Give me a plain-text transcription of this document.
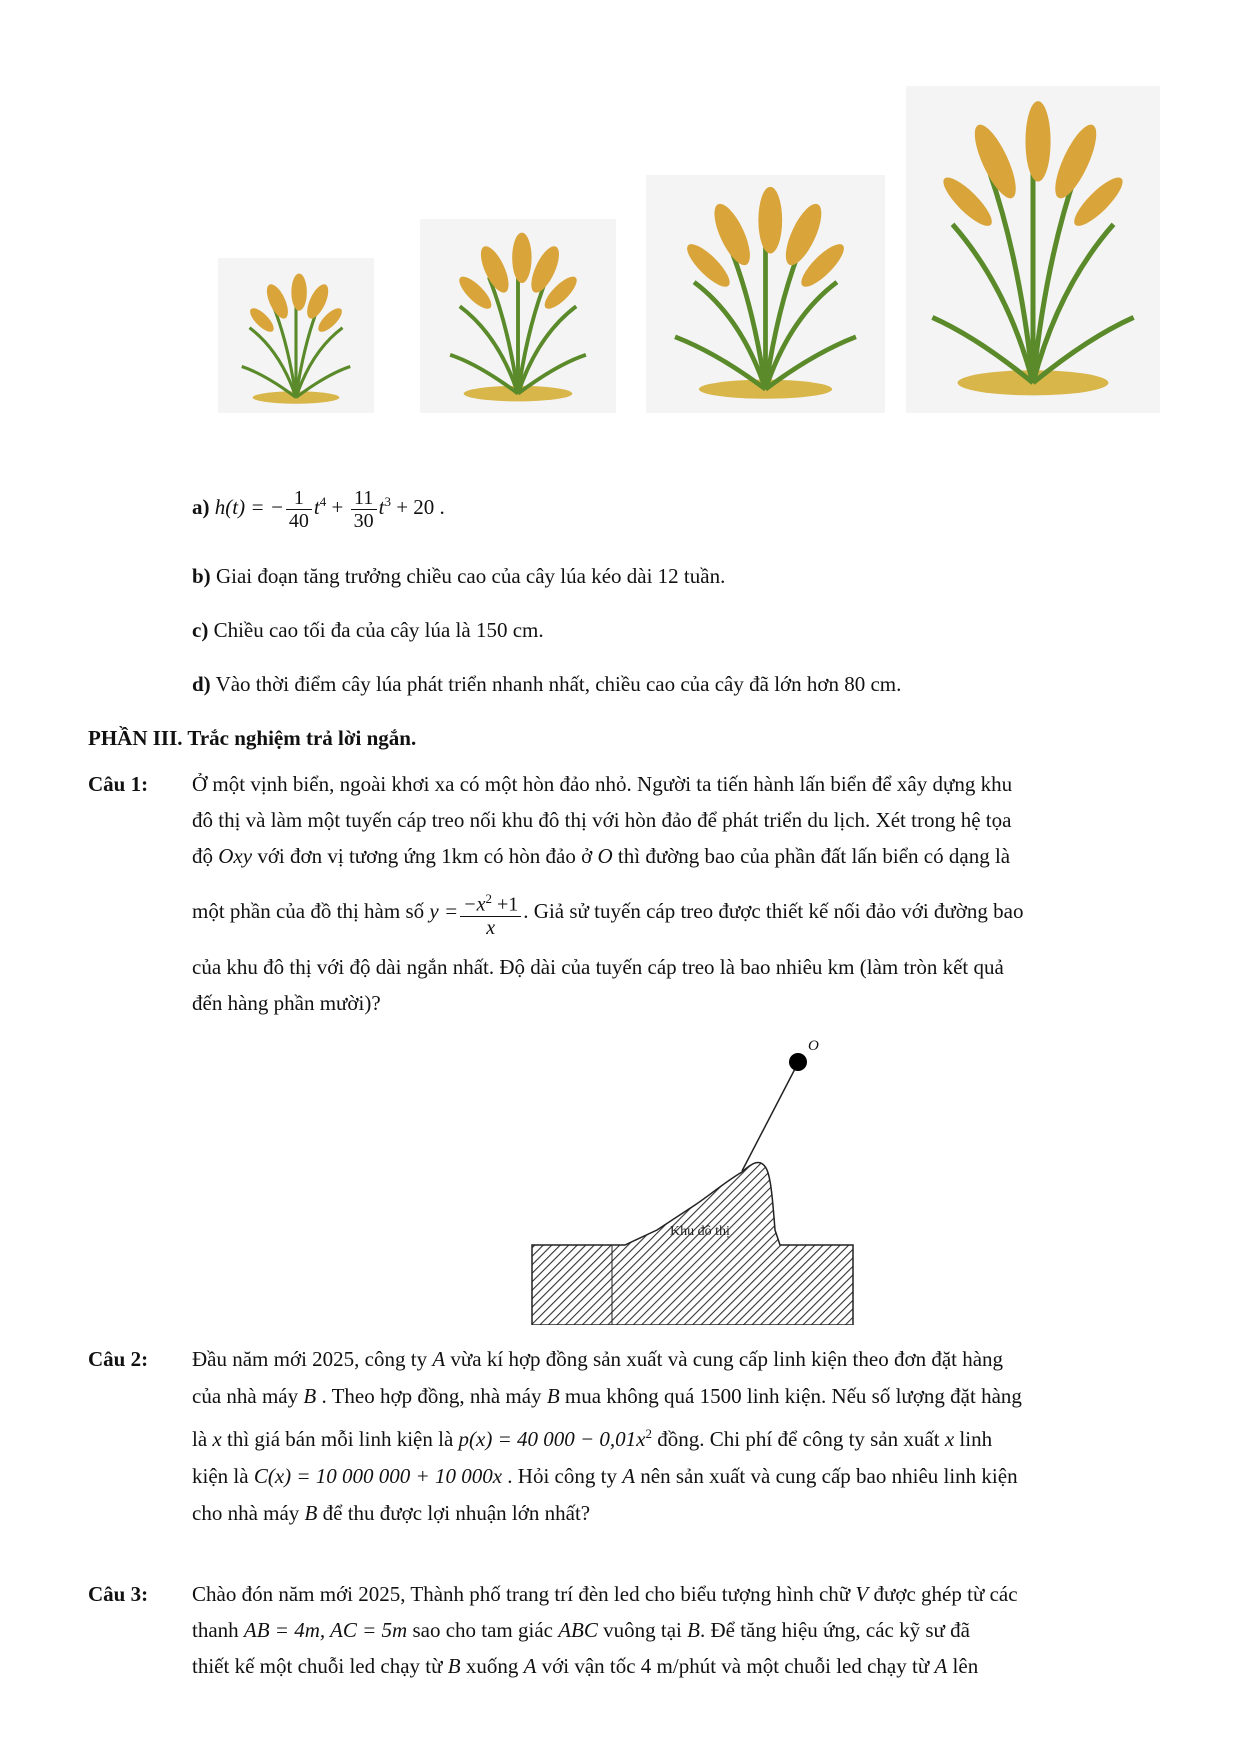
a) h(t) = − $\frac{1}{40} t^4 + \frac{11}{30} t^3 + 20$ .
b) Giai đoạn tăng trưởng chiều cao của cây lúa kéo dài 12 tuần.
c) Chiều cao tối đa của cây lúa là 150 cm.
d) Vào thời điểm cây lúa phát triển nhanh nhất, chiều cao của cây đã lớn hơn 80 cm.
PHẦN III. Trắc nghiệm trả lời ngắn.
Câu 1: Ở một vịnh biển, ngoài khơi xa có một hòn đảo nhỏ. Người ta tiến hành lấn biển để xây dựng khu
đô thị và làm một tuyến cáp treo nối khu đô thị với hòn đảo để phát triển du lịch. Xét trong hệ tọa
độ Oxy với đơn vị tương ứng 1km có hòn đảo ở O thì đường bao của phần đất lấn biển có dạng là
một phần của đồ thị hàm số $y = \frac{-x^2 +1}{x}$ . Giả sử tuyến cáp treo được thiết kế nối đảo với đường bao
của khu đô thị với độ dài ngắn nhất. Độ dài của tuyến cáp treo là bao nhiêu km (làm tròn kết quả
đến hàng phần mười)?
O
Khu đô thị
Câu 2: Đầu năm mới 2025, công ty A vừa kí hợp đồng sản xuất và cung cấp linh kiện theo đơn đặt hàng
của nhà máy B . Theo hợp đồng, nhà máy B mua không quá 1500 linh kiện. Nếu số lượng đặt hàng
là x thì giá bán mỗi linh kiện là p(x) = 40 $000 - 0,01x^2$ đồng. Chi phí để công ty sản xuất x linh
kiện là C(x) = 10 000 000 + 10 000x . Hỏi công ty A nên sản xuất và cung cấp bao nhiêu linh kiện
cho nhà máy B để thu được lợi nhuận lớn nhất?
Câu 3: Chào đón năm mới 2025, Thành phố trang trí đèn led cho biểu tượng hình chữ V được ghép từ các
thanh AB = 4m, AC = 5m sao cho tam giác ABC vuông tại B. Để tăng hiệu ứng, các kỹ sư đã
thiết kế một chuỗi led chạy từ B xuống A với vận tốc 4 m/phút và một chuỗi led chạy từ A lên
